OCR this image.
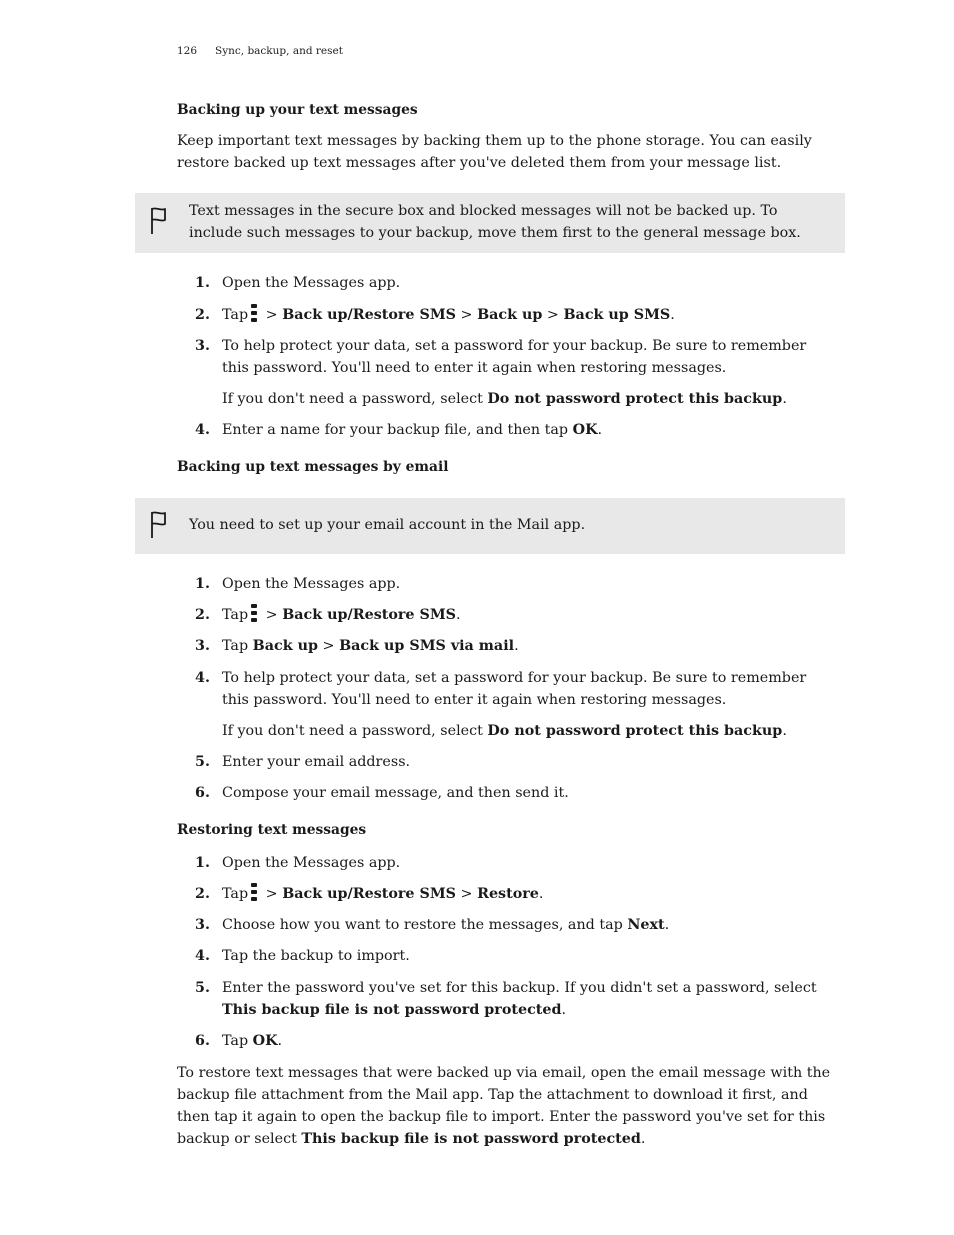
126 Sync, backup, and reset
Backing up your text messages
Keep important text messages by backing them up to the phone storage. You can easily restore backed up text messages after you've deleted them from your message list.
Text messages in the secure box and blocked messages will not be backed up. To include such messages to your backup, move them first to the general message box.
1. Open the Messages app.
2. Tap
> Back up/Restore SMS > Back up > Back up SMS.
3. To help protect your data, set a password for your backup. Be sure to remember this password. You'll need to enter it again when restoring messages.
If you don't need a password, select Do not password protect this backup.
4. Enter a name for your backup file, and then tap OK.
Backing up text messages by email
You need to set up your email account in the Mail app.
1. Open the Messages app.
2. Tap
> Back up/Restore SMS.
3. Tap Back up > Back up SMS via mail.
4. To help protect your data, set a password for your backup. Be sure to remember this password. You'll need to enter it again when restoring messages.
If you don't need a password, select Do not password protect this backup.
5. Enter your email address.
6. Compose your email message, and then send it.
Restoring text messages
1. Open the Messages app.
2. Tap
> Back up/Restore SMS > Restore.
3. Choose how you want to restore the messages, and tap Next.
4. Tap the backup to import.
5. Enter the password you've set for this backup. If you didn't set a password, select This backup file is not password protected.
6. Tap OK.
To restore text messages that were backed up via email, open the email message with the backup file attachment from the Mail app. Tap the attachment to download it first, and then tap it again to open the backup file to import. Enter the password you've set for this backup or select This backup file is not password protected.
